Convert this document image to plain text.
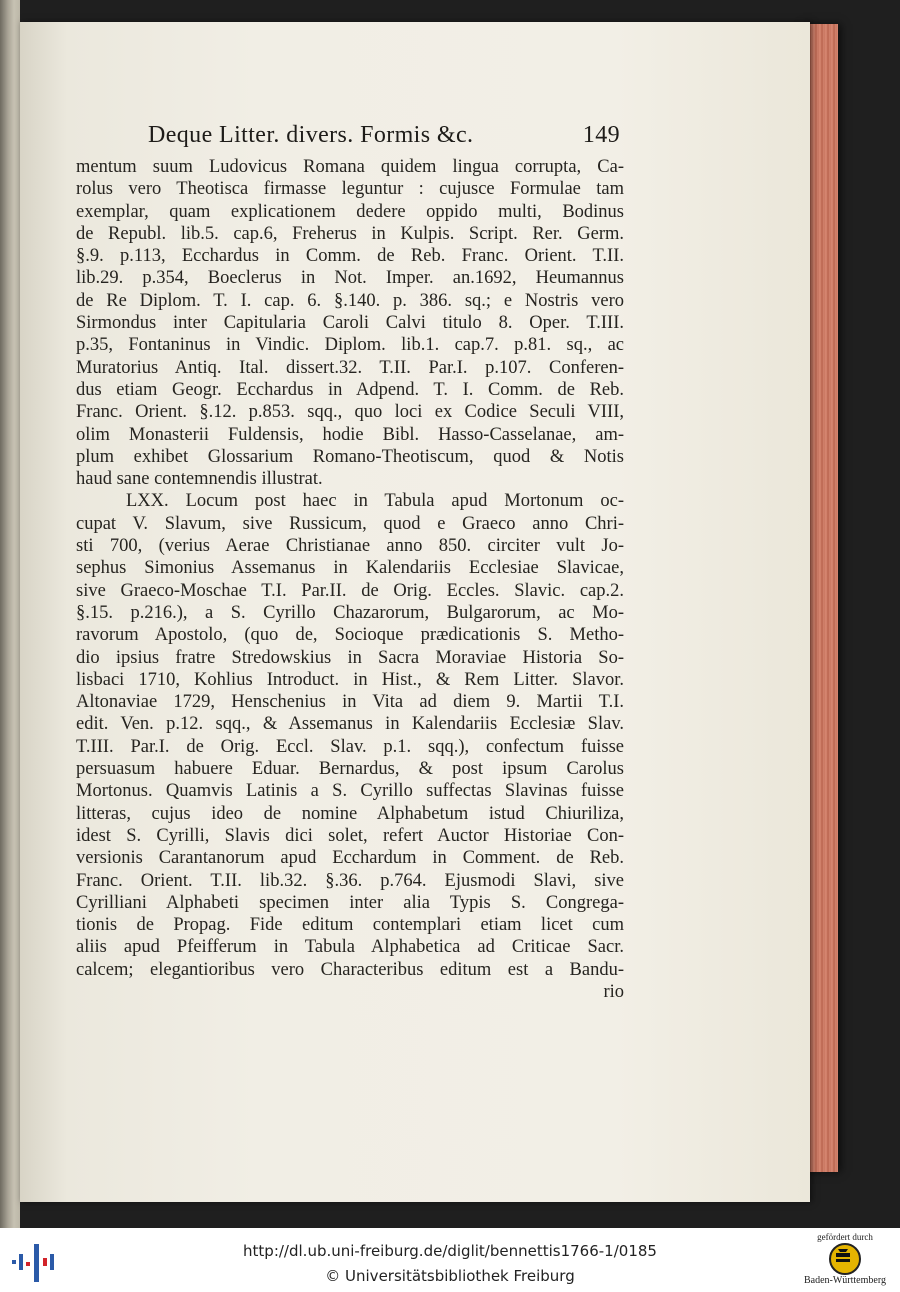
Deque Litter. divers. Formis &c.	149
mentum suum Ludovicus Romana quidem lingua corrupta, Ca-
rolus vero Theotisca firmasse leguntur : cujusce Formulae tam
exemplar, quam explicationem dedere oppido multi, Bodinus
de Republ. lib.5. cap.6, Freherus in Kulpis. Script. Rer. Germ.
§.9. p.113, Ecchardus in Comm. de Reb. Franc. Orient. T.II.
lib.29. p.354, Boeclerus in Not. Imper. an.1692, Heumannus
de Re Diplom. T. I. cap. 6. §.140. p. 386. sq.; e Nostris vero
Sirmondus inter Capitularia Caroli Calvi titulo 8. Oper. T.III.
p.35, Fontaninus in Vindic. Diplom. lib.1. cap.7. p.81. sq., ac
Muratorius Antiq. Ital. dissert.32. T.II. Par.I. p.107. Conferen-
dus etiam Geogr. Ecchardus in Adpend. T. I. Comm. de Reb.
Franc. Orient. §.12. p.853. sqq., quo loci ex Codice Seculi VIII,
olim Monasterii Fuldensis, hodie Bibl. Hasso-Casselanae, am-
plum exhibet Glossarium Romano-Theotiscum, quod & Notis
haud sane contemnendis illustrat.
LXX. Locum post haec in Tabula apud Mortonum oc-
cupat V. Slavum, sive Russicum, quod e Graeco anno Chri-
sti 700, (verius Aerae Christianae anno 850. circiter vult Jo-
sephus Simonius Assemanus in Kalendariis Ecclesiae Slavicae,
sive Graeco-Moschae T.I. Par.II. de Orig. Eccles. Slavic. cap.2.
§.15. p.216.), a S. Cyrillo Chazarorum, Bulgarorum, ac Mo-
ravorum Apostolo, (quo de, Socioque prædicationis S. Metho-
dio ipsius fratre Stredowskius in Sacra Moraviae Historia So-
lisbaci 1710, Kohlius Introduct. in Hist., & Rem Litter. Slavor.
Altonaviae 1729, Henschenius in Vita ad diem 9. Martii T.I.
edit. Ven. p.12. sqq., & Assemanus in Kalendariis Ecclesiæ Slav.
T.III. Par.I. de Orig. Eccl. Slav. p.1. sqq.), confectum fuisse
persuasum habuere Eduar. Bernardus, & post ipsum Carolus
Mortonus. Quamvis Latinis a S. Cyrillo suffectas Slavinas fuisse
litteras, cujus ideo de nomine Alphabetum istud Chiuriliza,
idest S. Cyrilli, Slavis dici solet, refert Auctor Historiae Con-
versionis Carantanorum apud Ecchardum in Comment. de Reb.
Franc. Orient. T.II. lib.32. §.36. p.764. Ejusmodi Slavi, sive
Cyrilliani Alphabeti specimen inter alia Typis S. Congrega-
tionis de Propag. Fide editum contemplari etiam licet cum
aliis apud Pfeifferum in Tabula Alphabetica ad Criticae Sacr.
calcem; elegantioribus vero Characteribus editum est a Bandu-
rio
http://dl.ub.uni-freiburg.de/diglit/bennettis1766-1/0185
© Universitätsbibliothek Freiburg
gefördert durch
Baden-Württemberg
